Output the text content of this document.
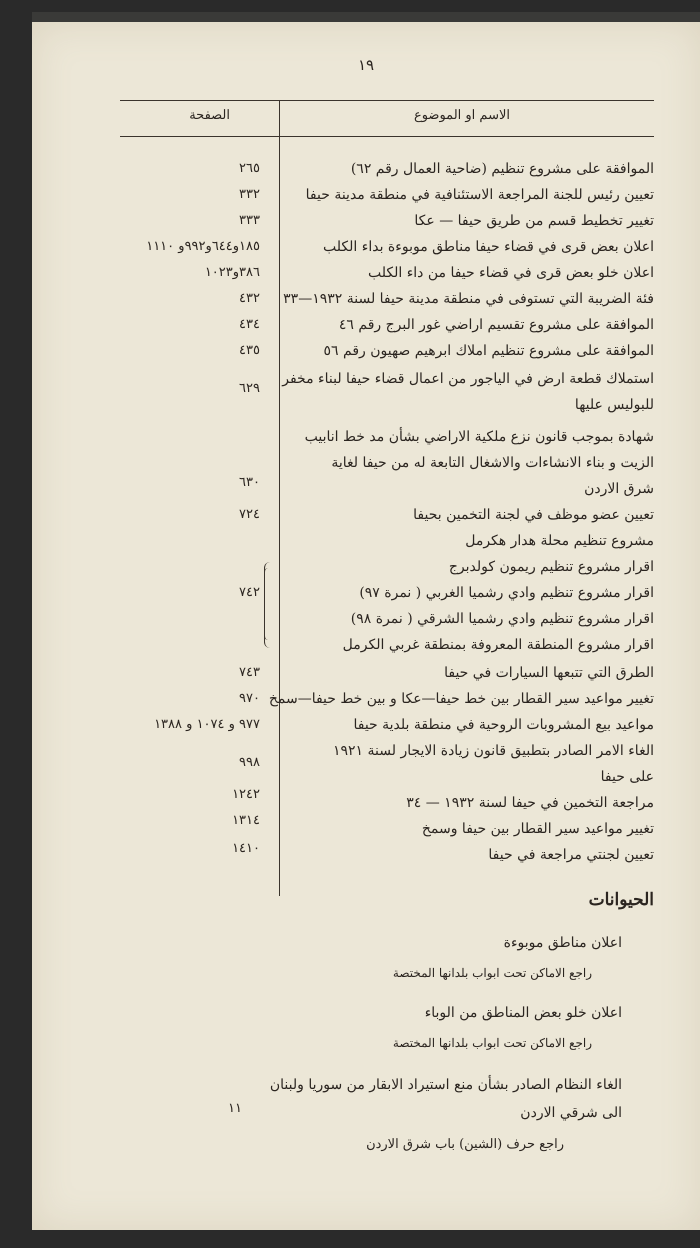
١٩
الاسم او الموضوع
الصفحة
الموافقة على مشروع تنظيم (ضاحية العمال رقم ٦٢)
٢٦٥
تعيين رئيس للجنة المراجعة الاستئنافية في منطقة مدينة حيفا
٣٣٢
تغيير تخطيط قسم من طريق حيفا — عكا
٣٣٣
اعلان بعض قرى في قضاء حيفا مناطق موبوءة بداء الكلب
١٨٥و٦٤٤و٩٩٢و ١١١٠
اعلان خلو بعض قرى في قضاء حيفا من داء الكلب
٣٨٦و١٠٢٣
فئة الضريبة التي تستوفى في منطقة مدينة حيفا لسنة ١٩٣٢—٣٣
٤٣٢
الموافقة على مشروع تقسيم اراضي غور البرج رقم ٤٦
٤٣٤
الموافقة على مشروع تنظيم املاك ابرهيم صهيون رقم ٥٦
٤٣٥
استملاك قطعة ارض في الياجور من اعمال قضاء حيفا لبناء مخفر
للبوليس عليها
٦٢٩
شهادة بموجب قانون نزع ملكية الاراضي بشأن مد خط انابيب
الزيت و بناء الانشاءات والاشغال التابعة له من حيفا لغاية
شرق الاردن
٦٣٠
تعيين عضو موظف في لجنة التخمين بحيفا
٧٢٤
مشروع تنظيم محلة هدار هكرمل
اقرار مشروع تنظيم ريمون كولدبرج
اقرار مشروع تنظيم وادي رشميا الغربي ( نمرة ٩٧)
٧٤٢
اقرار مشروع تنظيم وادي رشميا الشرقي ( نمرة ٩٨)
اقرار مشروع المنطقة المعروفة بمنطقة غربي الكرمل
الطرق التي تتبعها السيارات في حيفا
٧٤٣
تغيير مواعيد سير القطار بين خط حيفا—عكا و بين خط حيفا—سمخ
٩٧٠
مواعيد بيع المشروبات الروحية في منطقة بلدية حيفا
٩٧٧ و ١٠٧٤ و ١٣٨٨
الغاء الامر الصادر بتطبيق قانون زيادة الايجار لسنة ١٩٢١
على حيفا
٩٩٨
مراجعة التخمين في حيفا لسنة ١٩٣٢ — ٣٤
١٢٤٢
تغيير مواعيد سير القطار بين حيفا وسمخ
١٣١٤
تعيين لجنتي مراجعة في حيفا
١٤١٠
الحيوانات
اعلان مناطق موبوءة
راجع الاماكن تحت ابواب بلدانها المختصة
اعلان خلو بعض المناطق من الوباء
راجع الاماكن تحت ابواب بلدانها المختصة
الغاء النظام الصادر بشأن منع استيراد الابقار من سوريا ولبنان
الى شرقي الاردن
١١
راجع حرف (الشين) باب شرق الاردن
